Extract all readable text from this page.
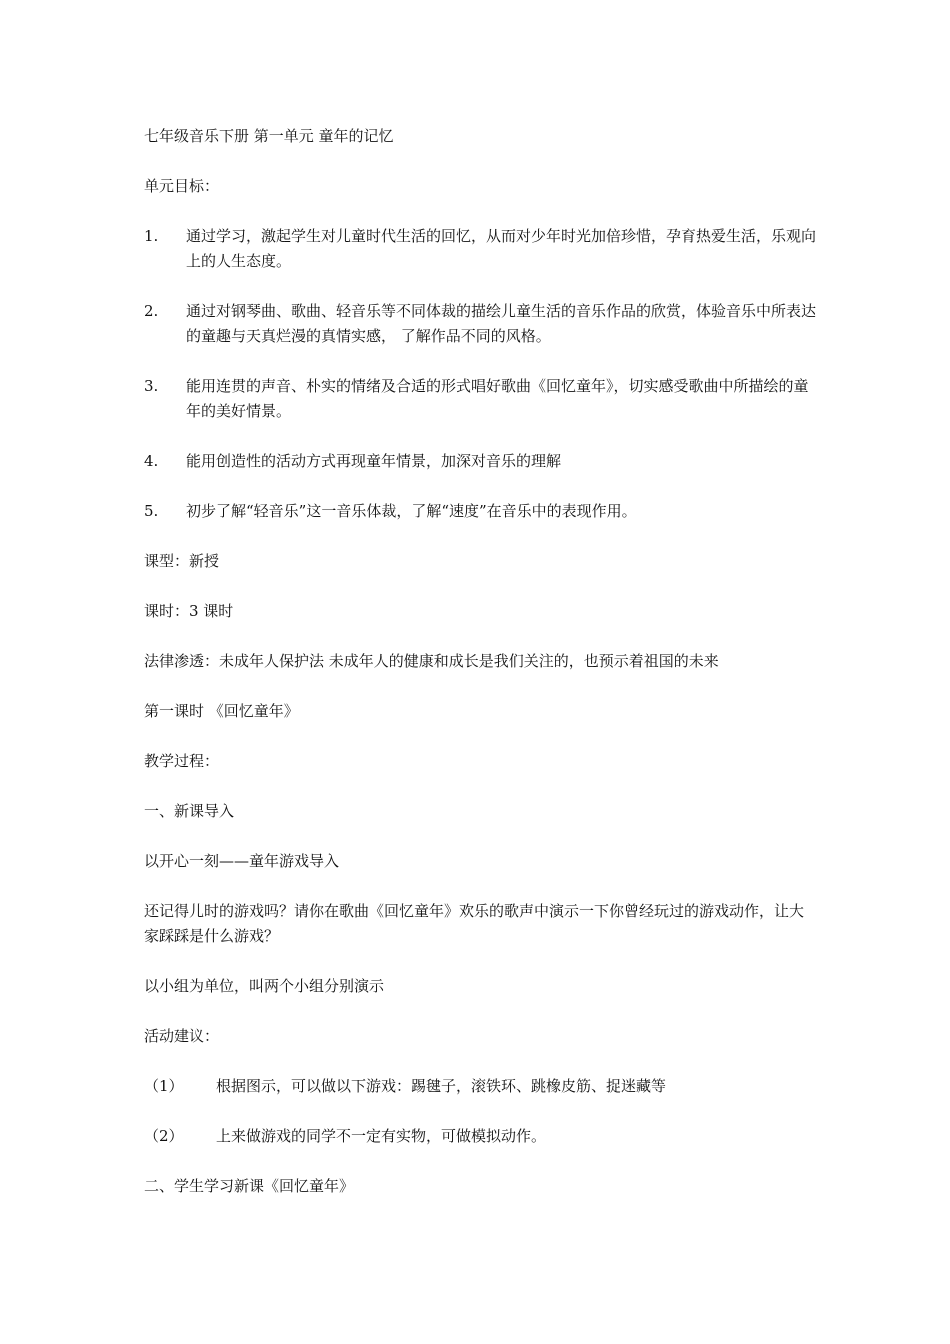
七年级音乐下册 第一单元 童年的记忆

单元目标：

1.	通过学习，激起学生对儿童时代生活的回忆，从而对少年时光加倍珍惜，孕育热爱生活，乐观向上的人生态度。
2.	通过对钢琴曲、歌曲、轻音乐等不同体裁的描绘儿童生活的音乐作品的欣赏，体验音乐中所表达的童趣与天真烂漫的真情实感， 了解作品不同的风格。
3.	能用连贯的声音、朴实的情绪及合适的形式唱好歌曲《回忆童年》，切实感受歌曲中所描绘的童年的美好情景。
4.	能用创造性的活动方式再现童年情景，加深对音乐的理解
5.	初步了解“轻音乐”这一音乐体裁，了解“速度”在音乐中的表现作用。

课型：新授

课时：3 课时

法律渗透：未成年人保护法 未成年人的健康和成长是我们关注的，也预示着祖国的未来

第一课时 《回忆童年》

教学过程：

一、新课导入

以开心一刻——童年游戏导入

还记得儿时的游戏吗？请你在歌曲《回忆童年》欢乐的歌声中演示一下你曾经玩过的游戏动作，让大家踩踩是什么游戏？

以小组为单位，叫两个小组分别演示

活动建议：

（1）	根据图示，可以做以下游戏：踢毽子，滚铁环、跳橡皮筋、捉迷藏等
（2）	上来做游戏的同学不一定有实物，可做模拟动作。

二、学生学习新课《回忆童年》
